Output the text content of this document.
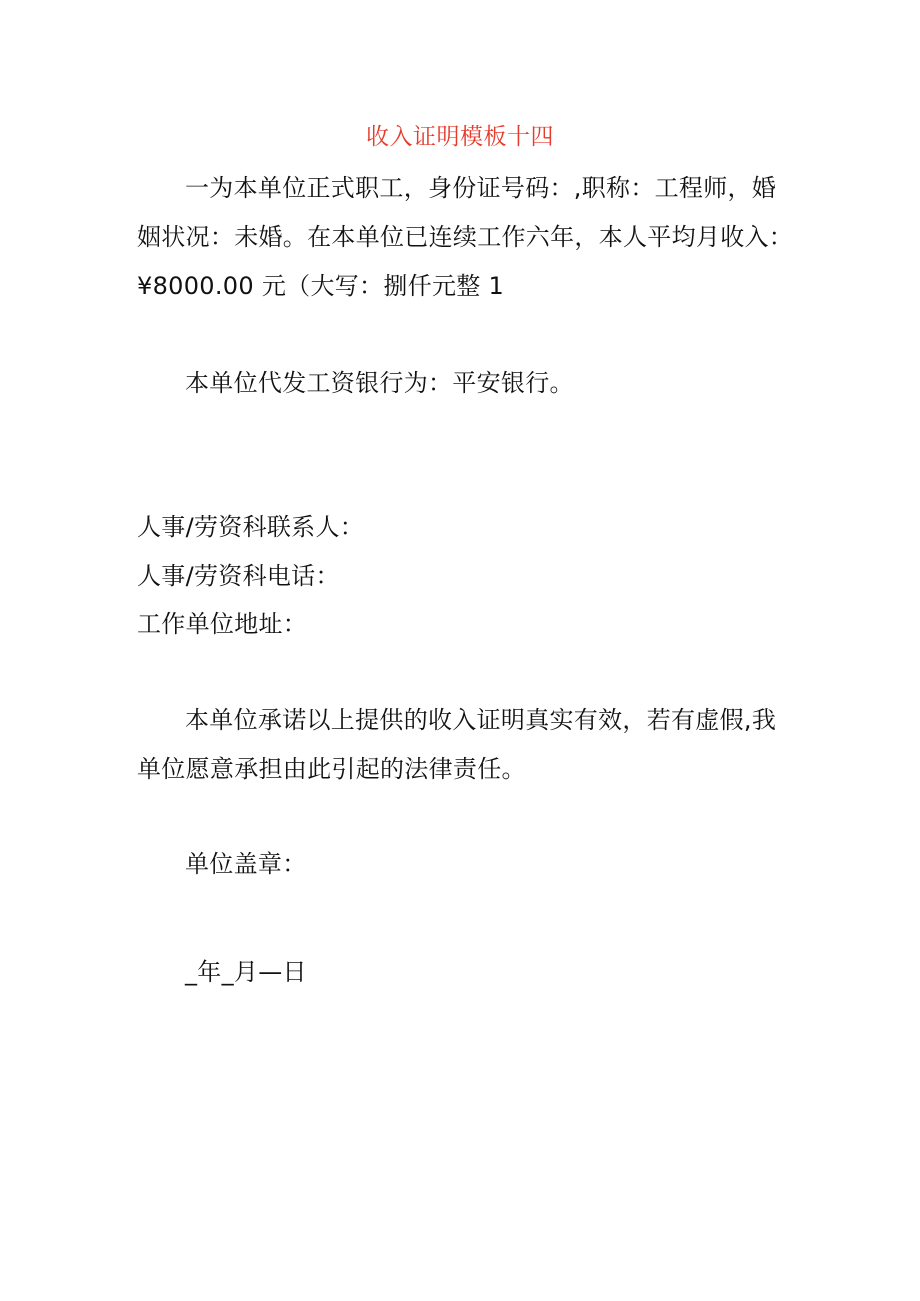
收入证明模板十四
一为本单位正式职工，身份证号码：,职称：工程师，婚
姻状况：未婚。在本单位已连续工作六年，本人平均月收入：
¥8000.00 元（大写：捌仟元整 1
本单位代发工资银行为：平安银行。
人事/劳资科联系人：
人事/劳资科电话：
工作单位地址：
本单位承诺以上提供的收入证明真实有效，若有虚假,我
单位愿意承担由此引起的法律责任。
单位盖章：
_年_月—日
